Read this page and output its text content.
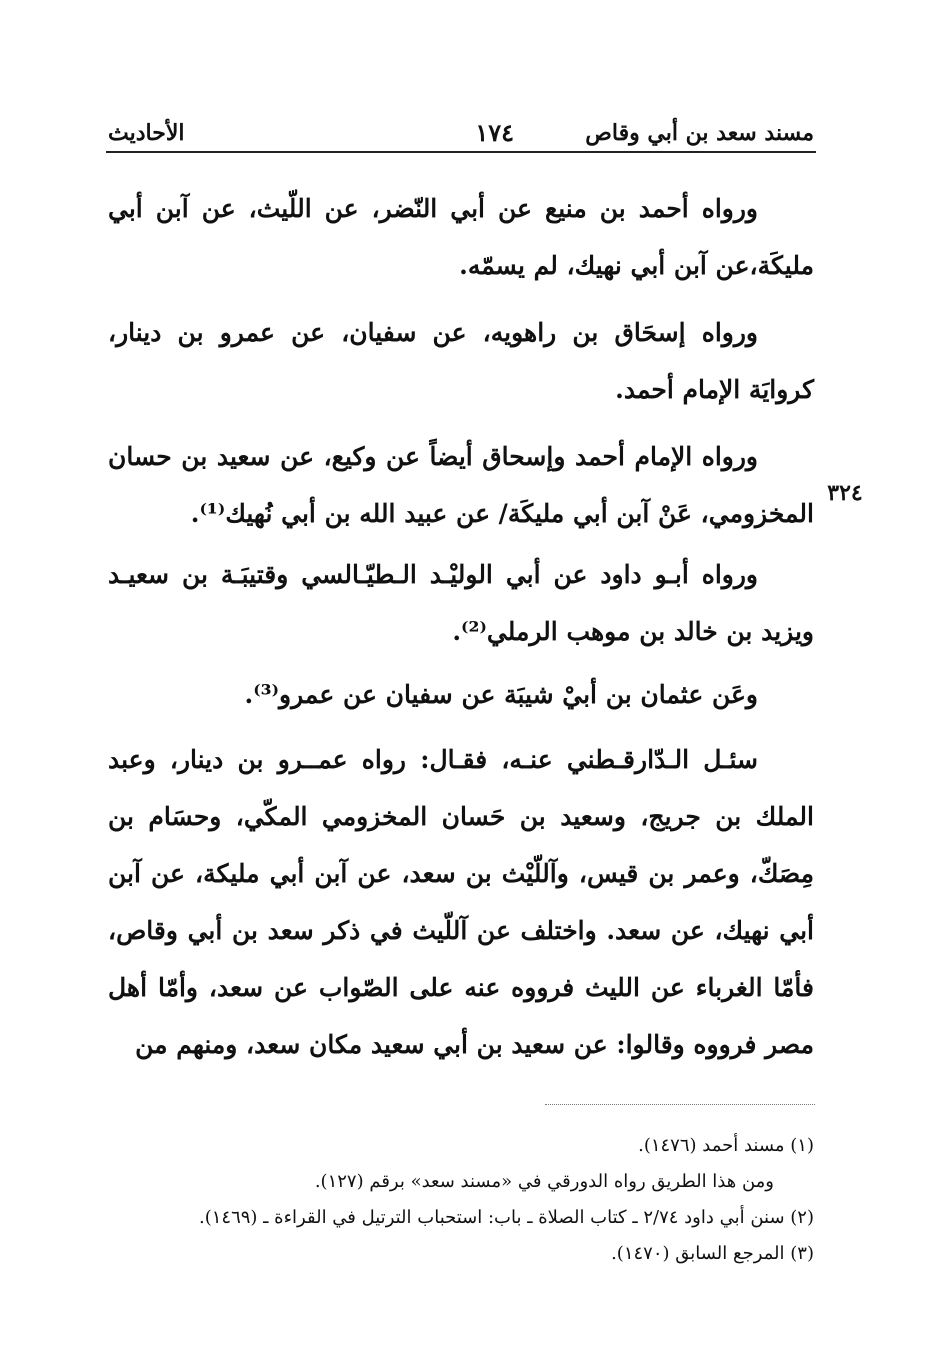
مسند سعد بن أبي وقاص
١٧٤
الأحاديث
٣٢٤

ورواه أحمد بن منيع عن أبي النّضر، عن اللّيث، عن آبن أبي مليكَة،عن آبن أبي نهيك، لم يسمّه.

ورواه إسحَاق بن راهويه، عن سفيان، عن عمرو بن دينار، كروايَة الإمام أحمد.

ورواه الإمام أحمد وإسحاق أيضاً عن وكيع، عن سعيد بن حسان المخزومي، عَنْ آبن أبي مليكَة/ عن عبيد الله بن أبي نُهيك⁽¹⁾.

ورواه أبـو داود عن أبي الوليْـد الـطيّـالسي وقتيبَـة بن سعيـد ويزيد بن خالد بن موهب الرملي⁽²⁾.

وعَن عثمان بن أبيْ شيبَة عن سفيان عن عمرو⁽³⁾.

سئـل الـدّارقـطني عنـه، فقـال: رواه عمــرو بن دينار، وعبد الملك بن جريج، وسعيد بن حَسان المخزومي المكّي، وحسَام بن مِصَكّ، وعمر بن قيس، وآللّيْث بن سعد، عن آبن أبي مليكة، عن آبن أبي نهيك، عن سعد. واختلف عن آللّيث في ذكر سعد بن أبي وقاص، فأمّا الغرباء عن الليث فرووه عنه على الصّواب عن سعد، وأمّا أهل مصر فرووه وقالوا: عن سعيد بن أبي سعيد مكان سعد، ومنهم من

(١) مسند أحمد (١٤٧٦).

ومن هذا الطريق رواه الدورقي في «مسند سعد» برقم (١٢٧).

(٢) سنن أبي داود ٢/٧٤ ـ كتاب الصلاة ـ باب: استحباب الترتيل في القراءة ـ (١٤٦٩).

(٣) المرجع السابق (١٤٧٠).
